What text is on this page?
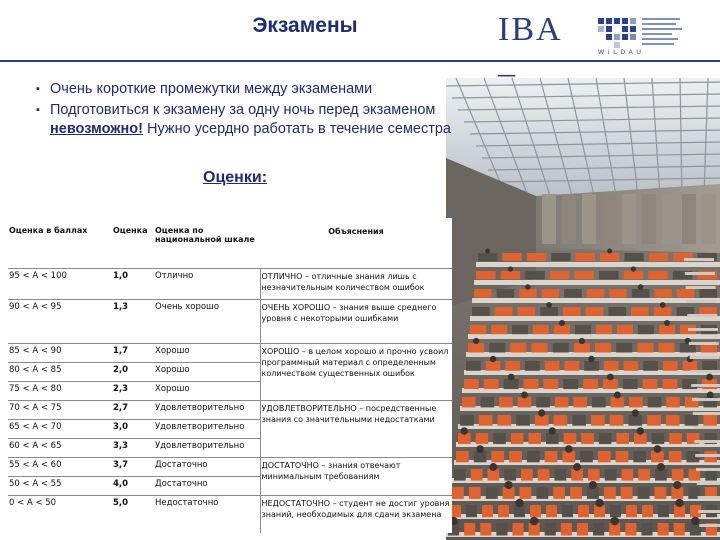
Экзамены	IBA
W i L D A U
▪ Очень короткие промежутки между экзаменами
▪ Подготовиться к экзамену за одну ночь перед экзаменом невозможно! Нужно усердно работать в течение семестра
Оценки:
Оценка в баллах	Оценка	Оценка по национальной шкале	Объяснения
95 < A < 100	1,0	Отлично	ОТЛИЧНО – отличные знания лишь с незначительным количеством ошибок
90 < A < 95	1,3	Очень хорошо	ОЧЕНЬ ХОРОШО – знания выше среднего уровня с некоторыми ошибками
85 < A < 90	1,7	Хорошо	ХОРОШО – в целом хорошо и прочно усвоил программный материал с определенным количеством существенных ошибок
80 < A < 85	2,0	Хорошо	
75 < A < 80	2,3	Хорошо	
70 < A < 75	2,7	Удовлетворительно	УДОВЛЕТВОРИТЕЛЬНО – посредственные знания со значительными недостатками
65 < A < 70	3,0	Удовлетворительно	
60 < A < 65	3,3	Удовлетворительно	
55 < A < 60	3,7	Достаточно	ДОСТАТОЧНО – знания отвечают минимальным требованиям
50 < A < 55	4,0	Достаточно	
0 < A < 50	5,0	Недостаточно	НЕДОСТАТОЧНО – студент не достиг уровня знаний, необходимых для сдачи экзамена
